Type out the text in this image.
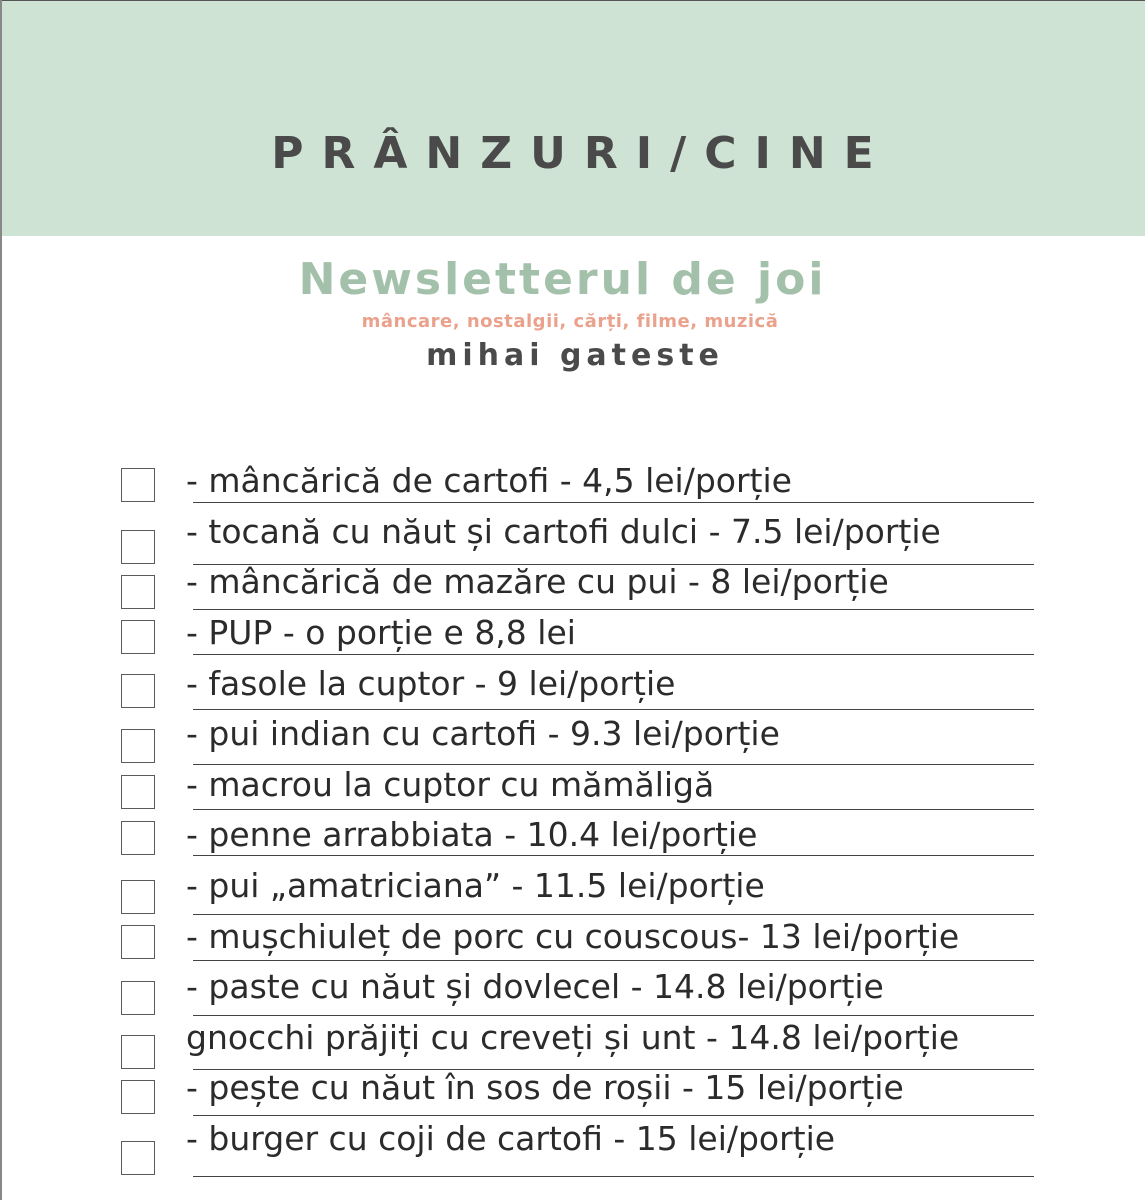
PRÂNZURI/CINE
Newsletterul de joi
mâncare, nostalgii, cărți, filme, muzică
mihai gateste
- mâncărică de cartofi - 4,5 lei/porție
- tocană cu năut și cartofi dulci - 7.5 lei/porție
- mâncărică de mazăre cu pui - 8 lei/porție
- PUP - o porție e 8,8 lei
- fasole la cuptor - 9 lei/porție
- pui indian cu cartofi - 9.3 lei/porție
- macrou la cuptor cu mămăligă
- penne arrabbiata - 10.4 lei/porție
- pui „amatriciana” - 11.5 lei/porție
- mușchiuleț de porc cu couscous- 13 lei/porție
- paste cu năut și dovlecel - 14.8 lei/porție
gnocchi prăjiți cu creveți și unt - 14.8 lei/porție
- pește cu năut în sos de roșii - 15 lei/porție
- burger cu coji de cartofi - 15 lei/porție
